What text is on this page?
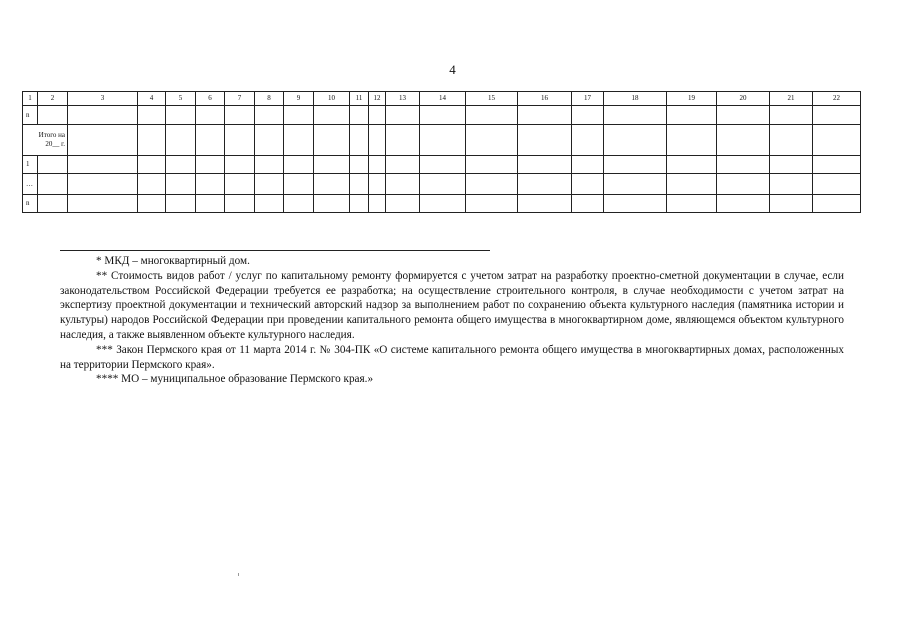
4
1	2	3	4	5	6	7	8	9	10	11	12	13	14	15	16	17	18	19	20	21	22
n																					
Итого на 20__ г.																					
1																					
…																					
n																					

* МКД – многоквартирный дом.

** Стоимость видов работ / услуг по капитальному ремонту формируется с учетом затрат на разработку проектно-сметной документации в случае, если законодательством Российской Федерации требуется ее разработка; на осуществление строительного контроля, в случае необходимости с учетом затрат на экспертизу проектной документации и технический авторский надзор за выполнением работ по сохранению объекта культурного наследия (памятника истории и культуры) народов Российской Федерации при проведении капитального ремонта общего имущества в многоквартирном доме, являющемся объектом культурного наследия, а также выявленном объекте культурного наследия.

*** Закон Пермского края от 11 марта 2014 г. № 304-ПК «О системе капитального ремонта общего имущества в многоквартирных домах, расположенных на территории Пермского края».

**** МО – муниципальное образование Пермского края.»
